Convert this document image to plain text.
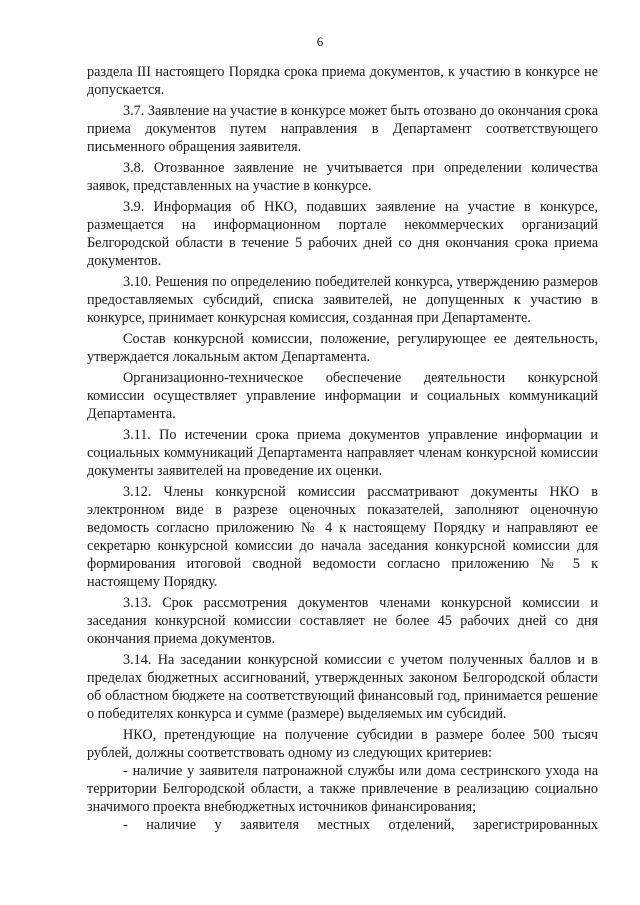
6

раздела III настоящего Порядка срока приема документов, к участию в конкурсе не допускается.

3.7. Заявление на участие в конкурсе может быть отозвано до окончания срока приема документов путем направления в Департамент соответствующего письменного обращения заявителя.

3.8. Отозванное заявление не учитывается при определении количества заявок, представленных на участие в конкурсе.

3.9. Информация об НКО, подавших заявление на участие в конкурсе, размещается на информационном портале некоммерческих организаций Белгородской области в течение 5 рабочих дней со дня окончания срока приема документов.

3.10. Решения по определению победителей конкурса, утверждению размеров предоставляемых субсидий, списка заявителей, не допущенных к участию в конкурсе, принимает конкурсная комиссия, созданная при Департаменте.

Состав конкурсной комиссии, положение, регулирующее ее деятельность, утверждается локальным актом Департамента.

Организационно-техническое обеспечение деятельности конкурсной комиссии осуществляет управление информации и социальных коммуникаций Департамента.

3.11. По истечении срока приема документов управление информации и социальных коммуникаций Департамента направляет членам конкурсной комиссии документы заявителей на проведение их оценки.

3.12. Члены конкурсной комиссии рассматривают документы НКО в электронном виде в разрезе оценочных показателей, заполняют оценочную ведомость согласно приложению № 4 к настоящему Порядку и направляют ее секретарю конкурсной комиссии до начала заседания конкурсной комиссии для формирования итоговой сводной ведомости согласно приложению № 5 к настоящему Порядку.

3.13. Срок рассмотрения документов членами конкурсной комиссии и заседания конкурсной комиссии составляет не более 45 рабочих дней со дня окончания приема документов.

3.14. На заседании конкурсной комиссии с учетом полученных баллов и в пределах бюджетных ассигнований, утвержденных законом Белгородской области об областном бюджете на соответствующий финансовый год, принимается решение о победителях конкурса и сумме (размере) выделяемых им субсидий.

НКО, претендующие на получение субсидии в размере более 500 тысяч рублей, должны соответствовать одному из следующих критериев:

- наличие у заявителя патронажной службы или дома сестринского ухода на территории Белгородской области, а также привлечение в реализацию социально значимого проекта внебюджетных источников финансирования;

- наличие у заявителя местных отделений, зарегистрированных
